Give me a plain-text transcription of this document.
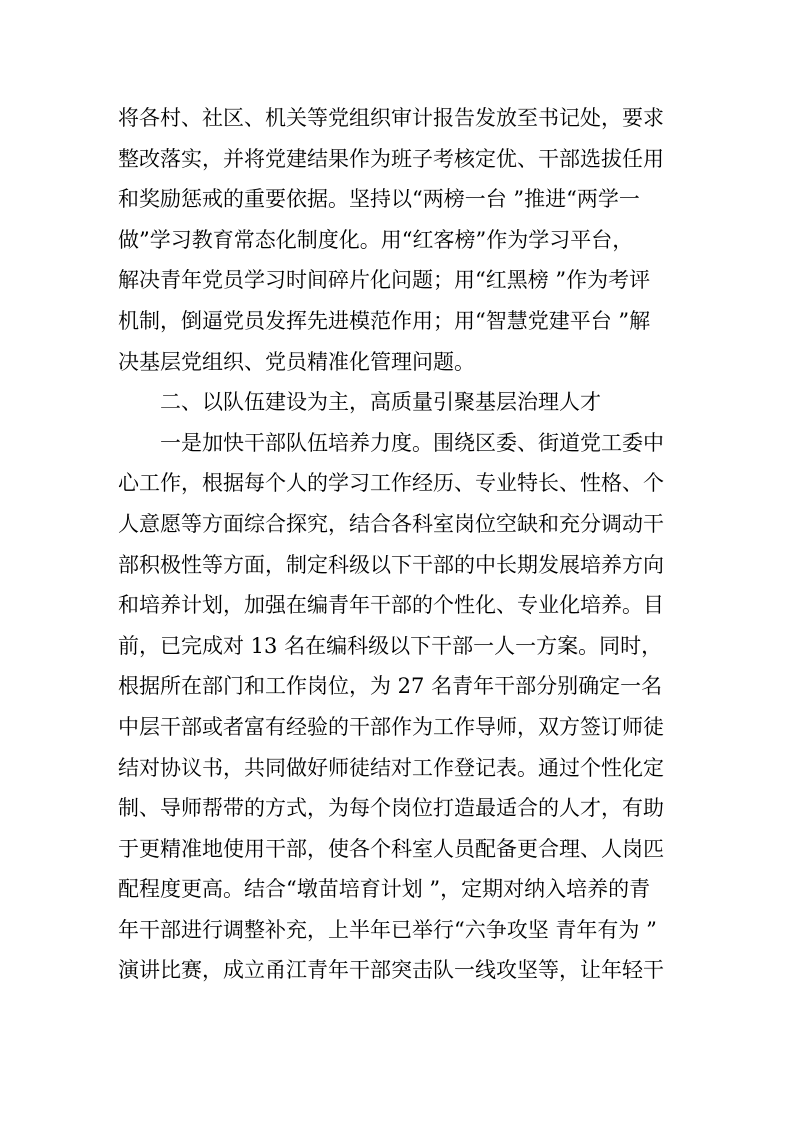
将各村、社区、机关等党组织审计报告发放至书记处，要求
整改落实，并将党建结果作为班子考核定优、干部选拔任用
和奖励惩戒的重要依据。坚持以“两榜一台 ”推进“两学一
做”学习教育常态化制度化。用“红客榜”作为学习平台，
解决青年党员学习时间碎片化问题；用“红黑榜 ”作为考评
机制，倒逼党员发挥先进模范作用；用“智慧党建平台 ”解
决基层党组织、党员精准化管理问题。
二、以队伍建设为主，高质量引聚基层治理人才
一是加快干部队伍培养力度。围绕区委、街道党工委中
心工作，根据每个人的学习工作经历、专业特长、性格、个
人意愿等方面综合探究，结合各科室岗位空缺和充分调动干
部积极性等方面，制定科级以下干部的中长期发展培养方向
和培养计划，加强在编青年干部的个性化、专业化培养。目
前，已完成对 13 名在编科级以下干部一人一方案。同时，
根据所在部门和工作岗位，为 27 名青年干部分别确定一名
中层干部或者富有经验的干部作为工作导师，双方签订师徒
结对协议书，共同做好师徒结对工作登记表。通过个性化定
制、导师帮带的方式，为每个岗位打造最适合的人才，有助
于更精准地使用干部，使各个科室人员配备更合理、人岗匹
配程度更高。结合“墩苗培育计划 ”，定期对纳入培养的青
年干部进行调整补充，上半年已举行“六争攻坚 青年有为 ”
演讲比赛，成立甬江青年干部突击队一线攻坚等，让年轻干
